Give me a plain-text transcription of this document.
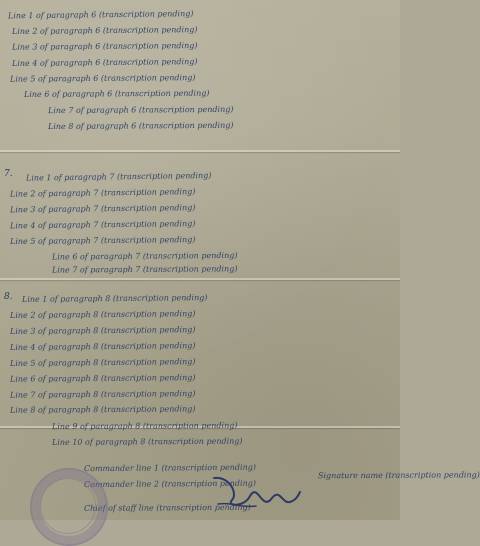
Line 1 of paragraph 6 (transcription pending)
Line 2 of paragraph 6 (transcription pending)
Line 3 of paragraph 6 (transcription pending)
Line 4 of paragraph 6 (transcription pending)
Line 5 of paragraph 6 (transcription pending)
Line 6 of paragraph 6 (transcription pending)
Line 7 of paragraph 6 (transcription pending)
Line 8 of paragraph 6 (transcription pending)
7. Line 1 of paragraph 7 (transcription pending)
Line 2 of paragraph 7 (transcription pending)
Line 3 of paragraph 7 (transcription pending)
Line 4 of paragraph 7 (transcription pending)
Line 5 of paragraph 7 (transcription pending)
Line 6 of paragraph 7 (transcription pending)
Line 7 of paragraph 7 (transcription pending)
8. Line 1 of paragraph 8 (transcription pending)
Line 2 of paragraph 8 (transcription pending)
Line 3 of paragraph 8 (transcription pending)
Line 4 of paragraph 8 (transcription pending)
Line 5 of paragraph 8 (transcription pending)
Line 6 of paragraph 8 (transcription pending)
Line 7 of paragraph 8 (transcription pending)
Line 8 of paragraph 8 (transcription pending)
Line 9 of paragraph 8 (transcription pending)
Line 10 of paragraph 8 (transcription pending)
Commander line 1 (transcription pending)
Commander line 2 (transcription pending)
Signature name (transcription pending)
Chief of staff line (transcription pending)
